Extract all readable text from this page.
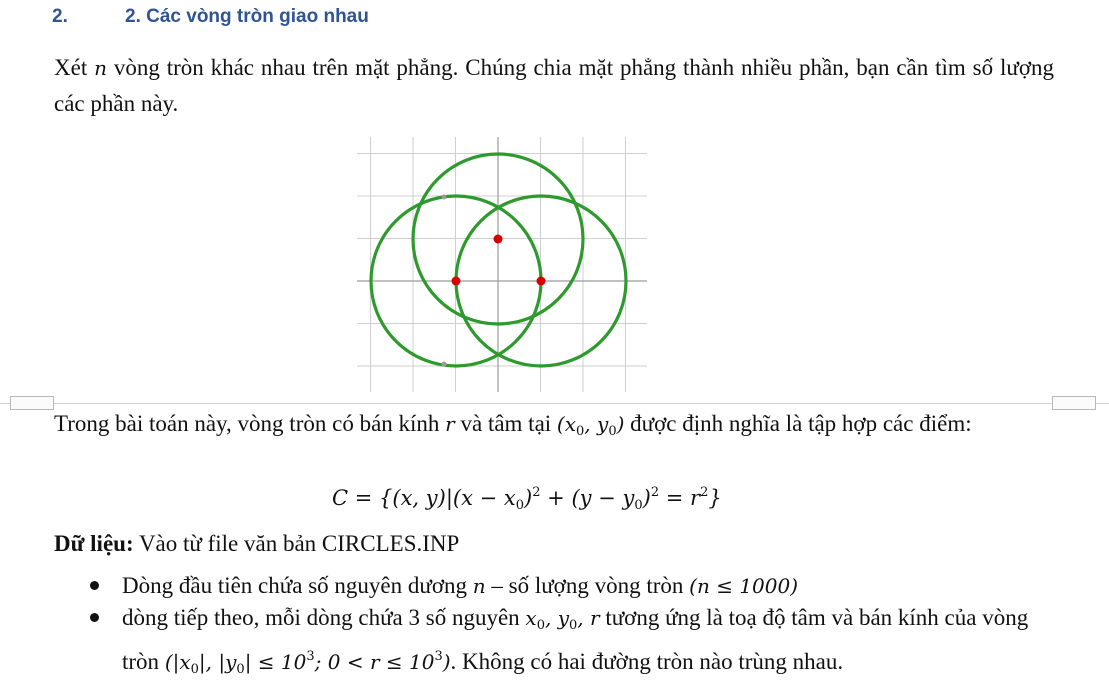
2.	2. Các vòng tròn giao nhau
Xét n vòng tròn khác nhau trên mặt phẳng. Chúng chia mặt phẳng thành nhiều phần, bạn cần tìm số lượng các phần này.
Trong bài toán này, vòng tròn có bán kính r và tâm tại ($x_0$, $y_0$) được định nghĩa là tập hợp các điểm:
C = {(x, $y)|(x - x_0)^2 + (y - y_0)^2 = r^2$}
Dữ liệu: Vào từ file văn bản CIRCLES.INP
Dòng đầu tiên chứa số nguyên dương n – số lượng vòng tròn (n ≤ 1000)
dòng tiếp theo, mỗi dòng chứa 3 số nguyên $x_0$, $y_0$, r tương ứng là toạ độ tâm và bán kính của vòng tròn ($|x_0|$, $|y_0| \le 10^3$; $0 < r \le 10^3$). Không có hai đường tròn nào trùng nhau.
